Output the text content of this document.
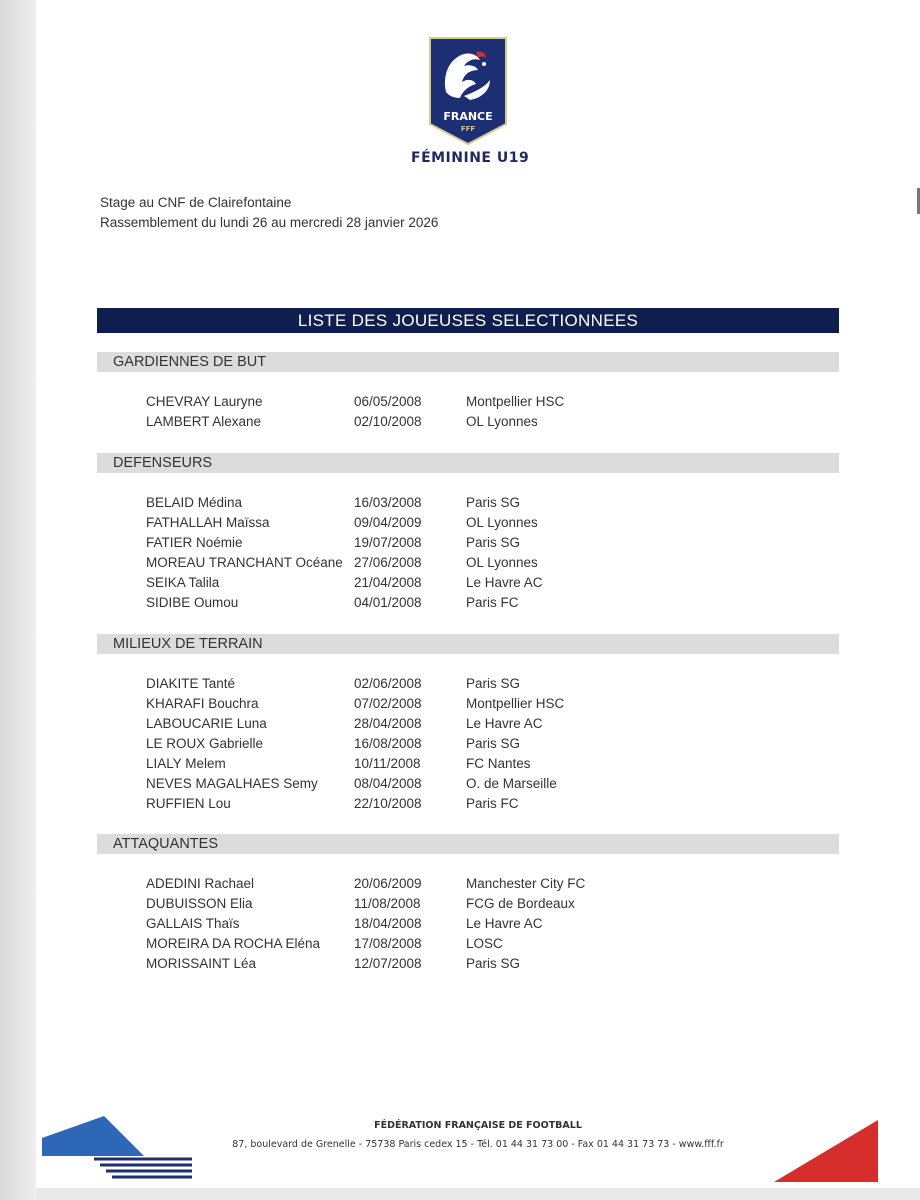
FRANCE
FFF
FÉMININE U19
Stage au CNF de Clairefontaine
Rassemblement du lundi 26 au mercredi 28 janvier 2026
LISTE DES JOUEUSES SELECTIONNEES
GARDIENNES DE BUT
CHEVRAY Lauryne	06/05/2008	Montpellier HSC
LAMBERT Alexane	02/10/2008	OL Lyonnes
DEFENSEURS
BELAID Médina	16/03/2008	Paris SG
FATHALLAH Maïssa	09/04/2009	OL Lyonnes
FATIER Noémie	19/07/2008	Paris SG
MOREAU TRANCHANT Océane 27/06/2008	OL Lyonnes
SEIKA Talila	21/04/2008	Le Havre AC
SIDIBE Oumou	04/01/2008	Paris FC
MILIEUX DE TERRAIN
DIAKITE Tanté	02/06/2008	Paris SG
KHARAFI Bouchra	07/02/2008	Montpellier HSC
LABOUCARIE Luna	28/04/2008	Le Havre AC
LE ROUX Gabrielle	16/08/2008	Paris SG
LIALY Melem	10/11/2008	FC Nantes
NEVES MAGALHAES Semy	08/04/2008	O. de Marseille
RUFFIEN Lou	22/10/2008	Paris FC
ATTAQUANTES
ADEDINI Rachael	20/06/2009	Manchester City FC
DUBUISSON Elia	11/08/2008	FCG de Bordeaux
GALLAIS Thaïs	18/04/2008	Le Havre AC
MOREIRA DA ROCHA Eléna	17/08/2008	LOSC
MORISSAINT Léa	12/07/2008	Paris SG
FÉDÉRATION FRANÇAISE DE FOOTBALL
87, boulevard de Grenelle - 75738 Paris cedex 15 - Tél. 01 44 31 73 00 - Fax 01 44 31 73 73 - www.fff.fr
